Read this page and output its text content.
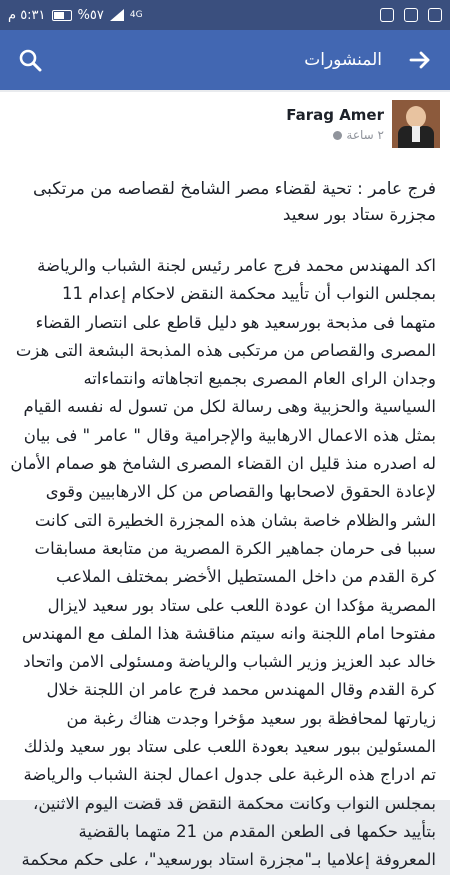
٥:٣١ م %٥٧	4G
المنشورات
Farag Amer
٢ ساعة
فرج عامر : تحية لقضاء مصر الشامخ لقصاصه من مرتكبى
مجزرة ستاد بور سعيد

اكد المهندس محمد فرج عامر رئيس لجنة الشباب والرياضة

بمجلس النواب أن تأييد محكمة النقض لاحكام إعدام 11

متهما فى مذبحة بورسعيد هو دليل قاطع على انتصار القضاء

المصرى والقصاص من مرتكبى هذه المذبحة البشعة التى هزت

وجدان الراى العام المصرى بجميع اتجاهاته وانتماءاته

السياسية والحزبية وهى رسالة لكل من تسول له نفسه القيام

بمثل هذه الاعمال الارهابية والإجرامية وقال " عامر " فى بيان

له اصدره منذ قليل ان القضاء المصرى الشامخ هو صمام الأمان

لإعادة الحقوق لاصحابها والقصاص من كل الارهابيين وقوى

الشر والظلام خاصة بشان هذه المجزرة الخطيرة التى كانت

سببا فى حرمان جماهير الكرة المصرية من متابعة مسابقات

كرة القدم من داخل المستطيل الأخضر بمختلف الملاعب

المصرية مؤكدا ان عودة اللعب على ستاد بور سعيد لايزال

مفتوحا امام اللجنة وانه سيتم مناقشة هذا الملف مع المهندس

خالد عبد العزيز وزير الشباب والرياضة ومسئولى الامن واتحاد

كرة القدم وقال المهندس محمد فرج عامر ان اللجنة خلال

زيارتها لمحافظة بور سعيد مؤخرا وجدت هناك رغبة من

المسئولين ببور سعيد بعودة اللعب على ستاد بور سعيد ولذلك

تم ادراج هذه الرغبة على جدول اعمال لجنة الشباب والرياضة

بمجلس النواب وكانت محكمة النقض قد قضت اليوم الاثنين،

بتأييد حكمها فى الطعن المقدم من 21 متهما بالقضية

المعروفة إعلاميا بـ"مجزرة استاد بورسعيد"، على حكم محكمة
